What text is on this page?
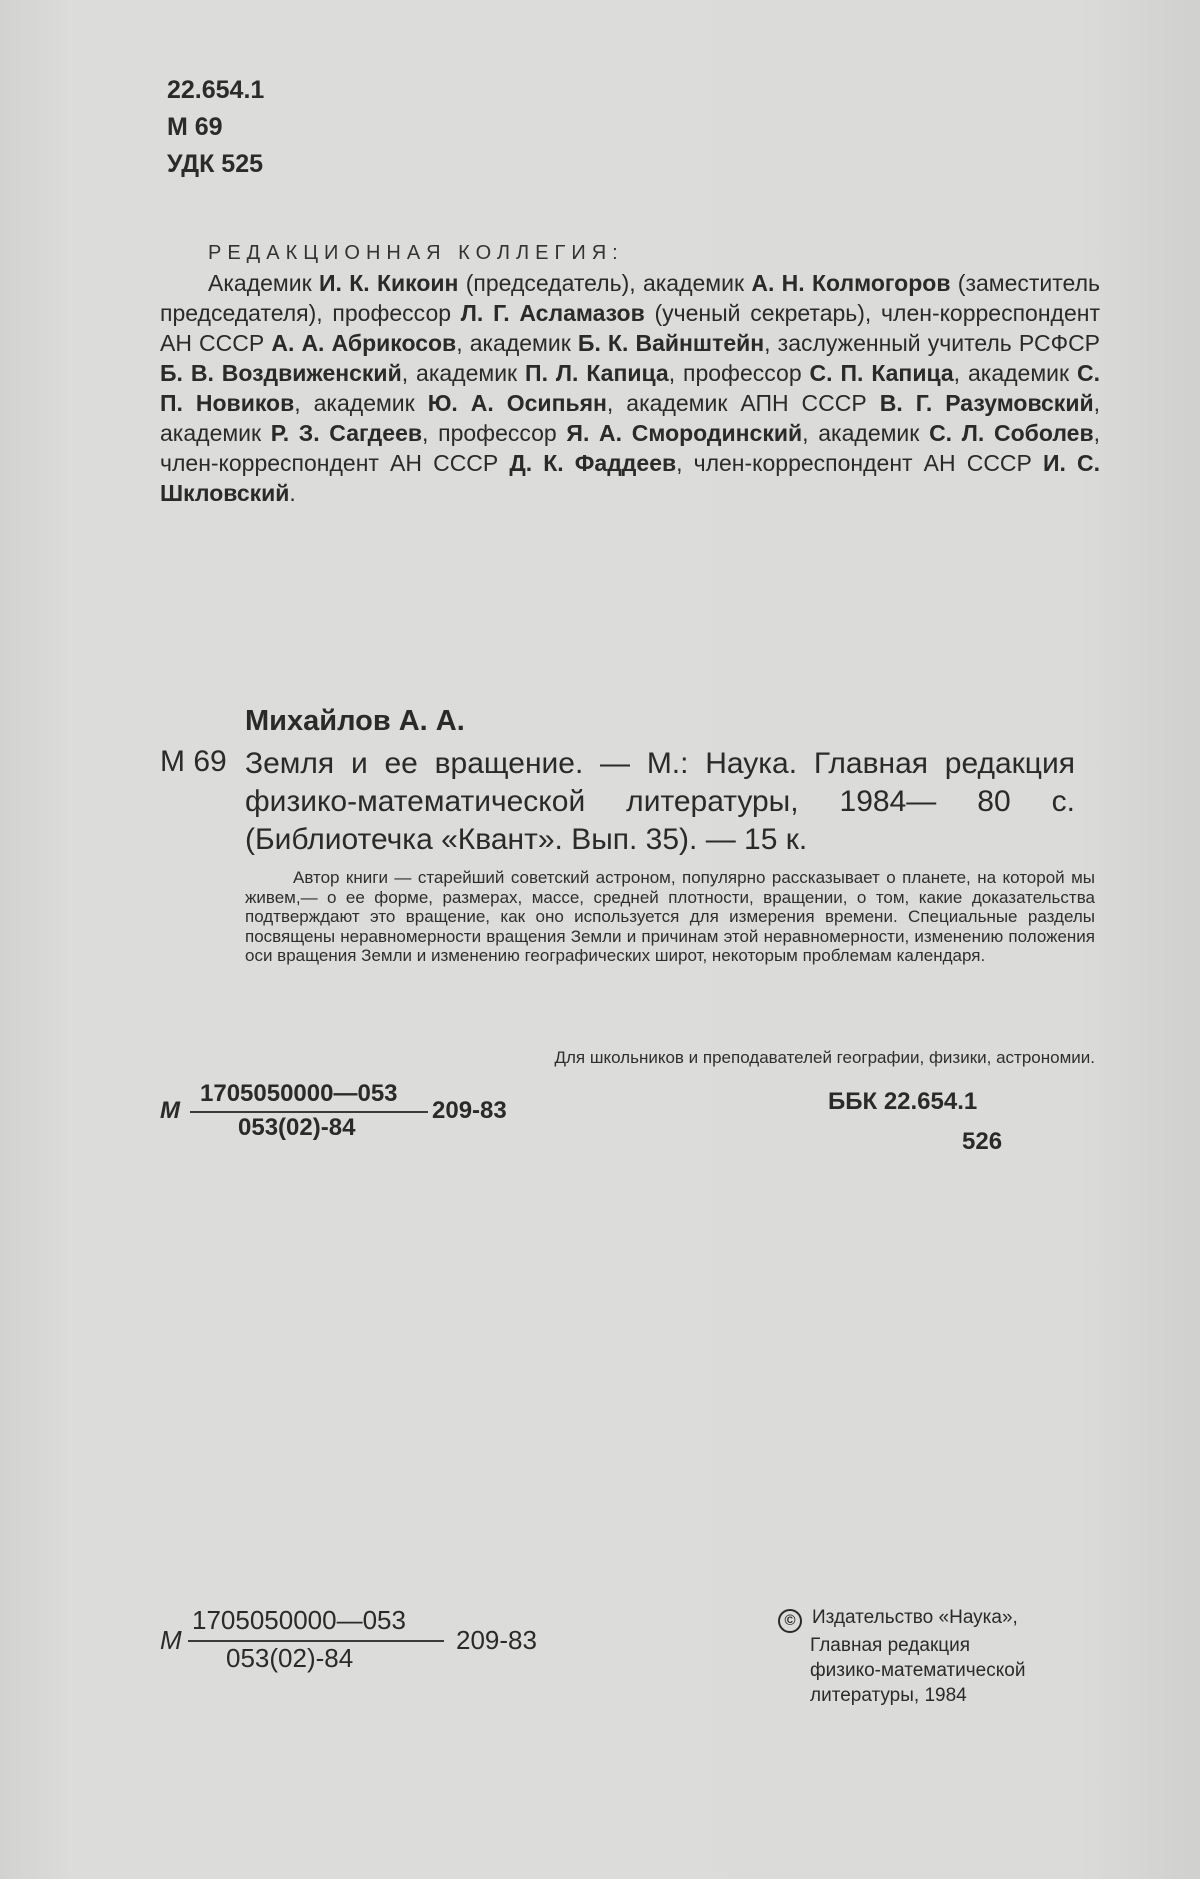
22.654.1
М 69
УДК 525
РЕДАКЦИОННАЯ КОЛЛЕГИЯ:
Академик И. К. Кикоин (председатель), академик А. Н. Колмогоров (заместитель председателя), профессор Л. Г. Асламазов (ученый секретарь), член-корреспондент АН СССР А. А. Абрикосов, академик Б. К. Вайнштейн, заслуженный учитель РСФСР Б. В. Воздвиженский, академик П. Л. Капица, профессор С. П. Капица, академик С. П. Новиков, академик Ю. А. Осипьян, академик АПН СССР В. Г. Разумовский, академик Р. З. Сагдеев, профессор Я. А. Смородинский, академик С. Л. Соболев, член-корреспондент АН СССР Д. К. Фаддеев, член-корреспондент АН СССР И. С. Шкловский.
Михайлов А. А.
М 69 Земля и ее вращение. — М.: Наука. Главная редакция физико-математической литературы, 1984— 80 с. (Библиотечка «Квант». Вып. 35). — 15 к.
Автор книги — старейший советский астроном, популярно рассказывает о планете, на которой мы живем,— о ее форме, размерах, массе, средней плотности, вращении, о том, какие доказательства подтверждают это вращение, как оно используется для измерения времени. Специальные разделы посвящены неравномерности вращения Земли и причинам этой неравномерности, изменению положения оси вращения Земли и изменению географических широт, некоторым проблемам календаря.
Для школьников и преподавателей географии, физики, астрономии.
М
1705050000—053
053(02)-84
209-83	ББК 22.654.1
526
М
1705050000—053
053(02)-84
209-83
© Издательство «Наука»,
Главная редакция
физико-математической
литературы, 1984
